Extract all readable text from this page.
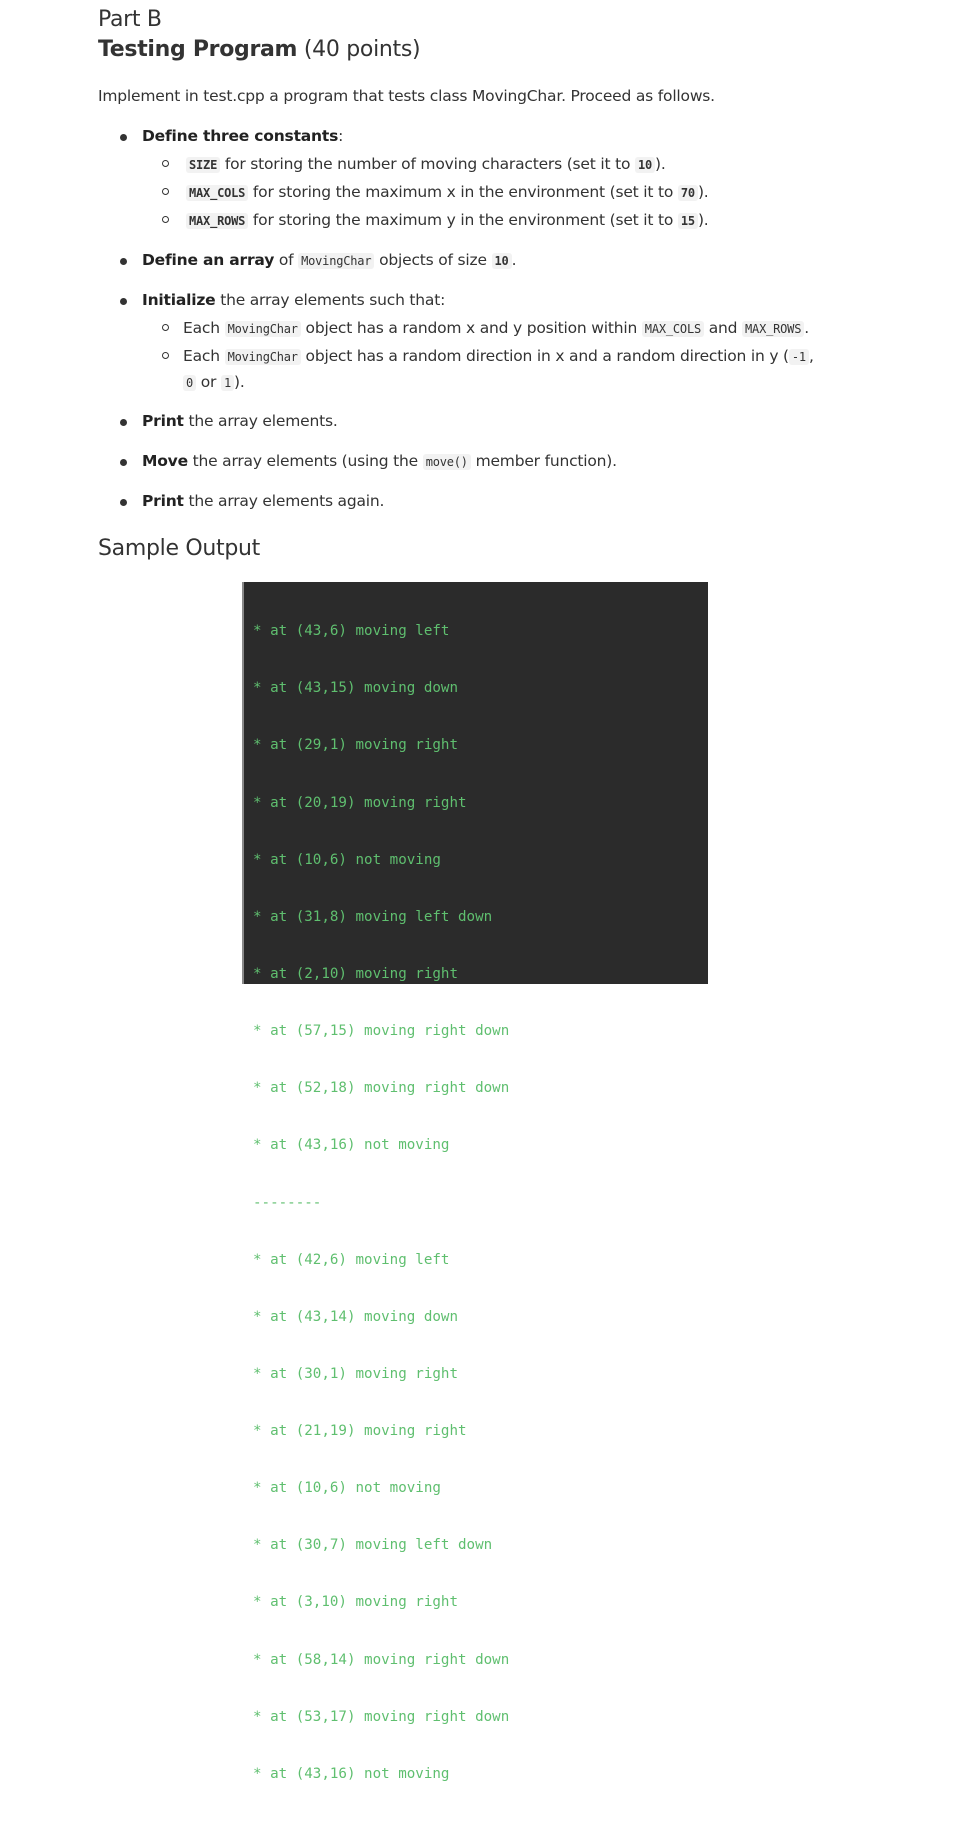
Part B
Testing Program (40 points)

Implement in test.cpp a program that tests class MovingChar. Proceed as follows.

Define three constants:
SIZE for storing the number of moving characters (set it to 10 ).
MAX_COLS for storing the maximum x in the environment (set it to 70 ).
MAX_ROWS for storing the maximum y in the environment (set it to 15 ).
Define an array of MovingChar objects of size 10 .
Initialize the array elements such that:
Each MovingChar object has a random x and y position within MAX_COLS and MAX_ROWS .
Each MovingChar object has a random direction in x and a random direction in y ( -1 ,
0 or 1 ).
Print the array elements.
Move the array elements (using the move() member function).
Print the array elements again.
Sample Output

* at (43,6) moving left

* at (43,15) moving down

* at (29,1) moving right

* at (20,19) moving right

* at (10,6) not moving

* at (31,8) moving left down

* at (2,10) moving right

* at (57,15) moving right down

* at (52,18) moving right down

* at (43,16) not moving

--------

* at (42,6) moving left

* at (43,14) moving down

* at (30,1) moving right

* at (21,19) moving right

* at (10,6) not moving

* at (30,7) moving left down

* at (3,10) moving right

* at (58,14) moving right down

* at (53,17) moving right down

* at (43,16) not moving
